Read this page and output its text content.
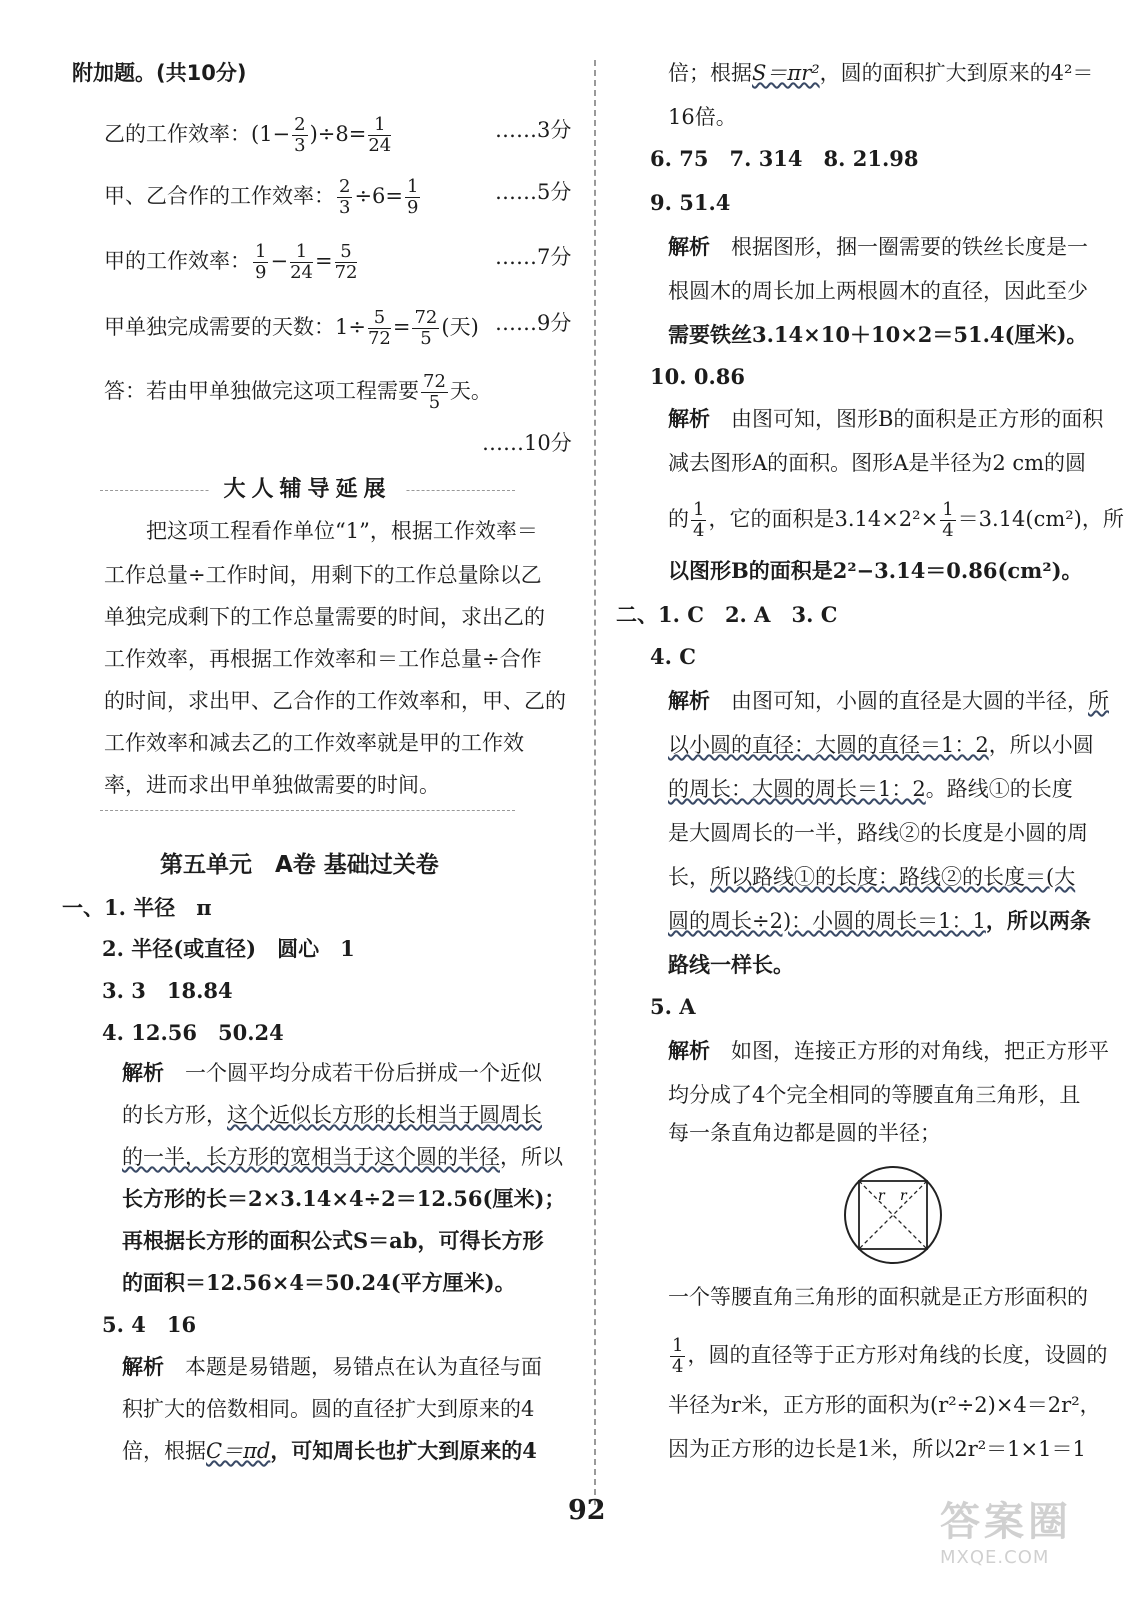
附加题。(共10分)
乙的工作效率：$(1- \frac{2}{3} )\div 8= \frac{1}{24}$	……3分
甲、乙合作的工作效率： $\frac{2}{3} \div 6= \frac{1}{9}$	……5分
甲的工作效率： $\frac{1}{9} - \frac{1}{24} = \frac{5}{72}$	……7分
甲单独完成需要的天数：$1\div \frac{5}{72} = \frac{72}{5}$ (天) ……9分
答：若由甲单独做完这项工程需要 $\frac{72}{5}$ 天。
……10分
大人辅导延展
把这项工程看作单位“1”，根据工作效率＝
工作总量÷工作时间，用剩下的工作总量除以乙
单独完成剩下的工作总量需要的时间，求出乙的
工作效率，再根据工作效率和＝工作总量÷合作
的时间，求出甲、乙合作的工作效率和，甲、乙的
工作效率和减去乙的工作效率就是甲的工作效
率，进而求出甲单独做需要的时间。
第五单元　A卷 基础过关卷
一、1. 半径　π
2. 半径(或直径)　圆心　1
3. 3　18.84
4. 12.56　50.24
解析　 一个圆平均分成若干份后拼成一个近似
的长方形，这个近似长方形的长相当于圆周长
的一半，长方形的宽相当于这个圆的半径，所以
长方形的长＝2×3.14×4÷2＝12.56(厘米)；
再根据长方形的面积公式S＝ab，可得长方形
的面积＝12.56×4＝50.24(平方厘米)。
5. 4　16
解析　 本题是易错题，易错点在认为直径与面
积扩大的倍数相同。圆的直径扩大到原来的4
倍，根据C＝πd，可知周长也扩大到原来的4
倍；根据S＝πr²，圆的面积扩大到原来的4²＝
16倍。
6. 75　7. 314　8. 21.98
9. 51.4
解析　 根据图形，捆一圈需要的铁丝长度是一
根圆木的周长加上两根圆木的直径，因此至少
需要铁丝3.14×10＋10×2＝51.4(厘米)。
10. 0.86
解析　 由图可知，图形B的面积是正方形的面积
减去图形A的面积。图形A是半径为2 cm的圆
的 $\frac{1}{4}$ ，它的面积是$3.14\times 2^2\times \frac{1}{4} =3.14(cm^2)$，所
以图形B的面积是2²−3.14＝0.86(cm²)。
二、1. C　2. A　3. C
4. C
解析　 由图可知，小圆的直径是大圆的半径，所
以小圆的直径：大圆的直径＝1：2，所以小圆
的周长：大圆的周长＝1：2。路线①的长度
是大圆周长的一半，路线②的长度是小圆的周
长，所以路线①的长度：路线②的长度＝(大
圆的周长÷2)：小圆的周长＝1：1，所以两条
路线一样长。
5. A
解析　 如图，连接正方形的对角线，把正方形平
均分成了4个完全相同的等腰直角三角形，且
每一条直角边都是圆的半径；
r r
一个等腰直角三角形的面积就是正方形面积的
$\frac{1}{4}$ ，圆的直径等于正方形对角线的长度，设圆的
半径为r米，正方形的面积为(r²÷2)×4＝2r²，
因为正方形的边长是1米，所以2r²＝1×1＝1
92	答案圈
MXQE.COM
